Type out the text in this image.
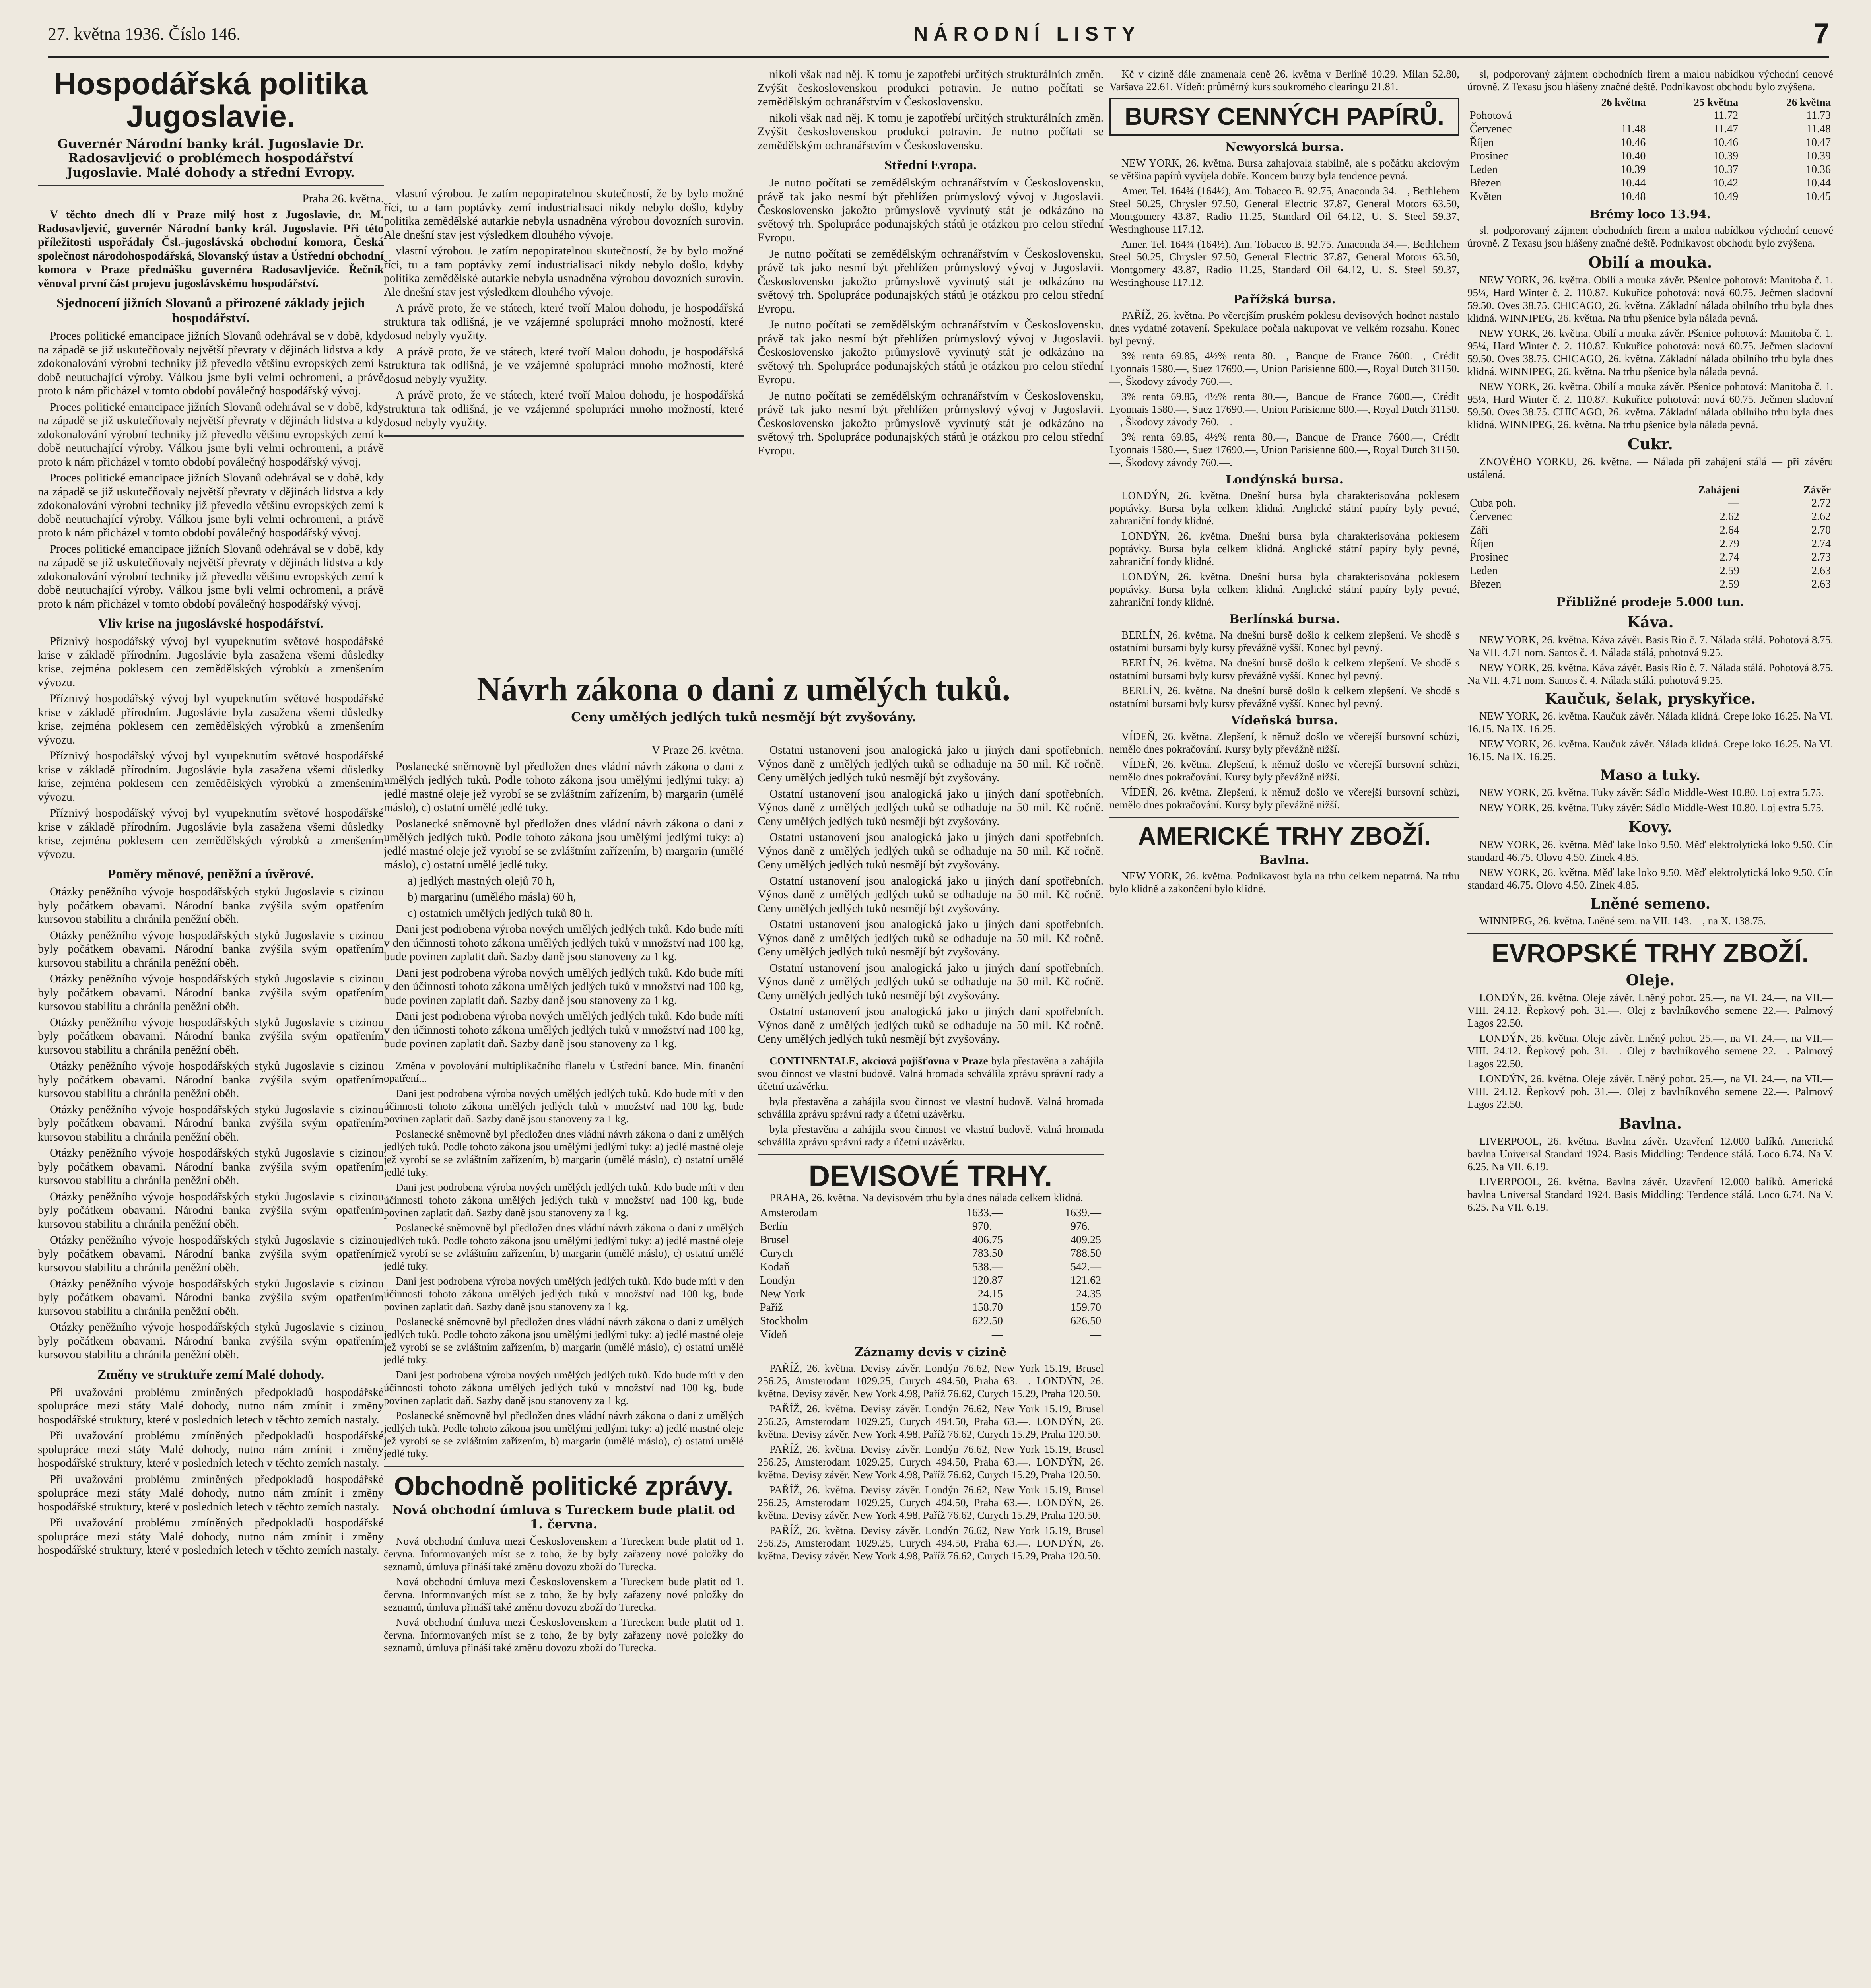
27. května 1936. Číslo 146.	NÁRODNÍ LISTY	7
Hospodářská politika Jugoslavie.
Guvernér Národní banky král. Jugoslavie Dr. Radosavljević o problémech hospodářství Jugoslavie. Malé dohody a střední Evropy.
Praha 26. května.

V těchto dnech dlí v Praze milý host z Jugoslavie, dr. M. Radosavljević, guvernér Národní banky král. Jugoslavie. Při této příležitosti uspořádaly Čsl.-jugoslávská obchodní komora, Česká společnost národohospodářská, Slovanský ústav a Ústřední obchodní komora v Praze přednášku guvernéra Radosavljeviće. Řečník věnoval první část projevu jugoslávskému hospodářství.

Sjednocení jižních Slovanů a přirozené základy jejich hospodářství.

Proces politické emancipace jižních Slovanů odehrával se v době, kdy na západě se již uskutečňovaly největší převraty v dějinách lidstva a kdy zdokonalování výrobní techniky již převedlo většinu evropských zemí k době neutuchající výroby. Válkou jsme byli velmi ochromeni, a právě proto k nám přicházel v tomto období poválečný hospodářský vývoj.

Proces politické emancipace jižních Slovanů odehrával se v době, kdy na západě se již uskutečňovaly největší převraty v dějinách lidstva a kdy zdokonalování výrobní techniky již převedlo většinu evropských zemí k době neutuchající výroby. Válkou jsme byli velmi ochromeni, a právě proto k nám přicházel v tomto období poválečný hospodářský vývoj.

Proces politické emancipace jižních Slovanů odehrával se v době, kdy na západě se již uskutečňovaly největší převraty v dějinách lidstva a kdy zdokonalování výrobní techniky již převedlo většinu evropských zemí k době neutuchající výroby. Válkou jsme byli velmi ochromeni, a právě proto k nám přicházel v tomto období poválečný hospodářský vývoj.

Proces politické emancipace jižních Slovanů odehrával se v době, kdy na západě se již uskutečňovaly největší převraty v dějinách lidstva a kdy zdokonalování výrobní techniky již převedlo většinu evropských zemí k době neutuchající výroby. Válkou jsme byli velmi ochromeni, a právě proto k nám přicházel v tomto období poválečný hospodářský vývoj.

Vliv krise na jugoslávské hospodářství.

Příznivý hospodářský vývoj byl vyupeknutím světové hospodářské krise v základě přírodním. Jugoslávie byla zasažena všemi důsledky krise, zejména poklesem cen zemědělských výrobků a zmenšením vývozu.

Příznivý hospodářský vývoj byl vyupeknutím světové hospodářské krise v základě přírodním. Jugoslávie byla zasažena všemi důsledky krise, zejména poklesem cen zemědělských výrobků a zmenšením vývozu.

Příznivý hospodářský vývoj byl vyupeknutím světové hospodářské krise v základě přírodním. Jugoslávie byla zasažena všemi důsledky krise, zejména poklesem cen zemědělských výrobků a zmenšením vývozu.

Příznivý hospodářský vývoj byl vyupeknutím světové hospodářské krise v základě přírodním. Jugoslávie byla zasažena všemi důsledky krise, zejména poklesem cen zemědělských výrobků a zmenšením vývozu.

Poměry měnové, peněžní a úvěrové.

Otázky peněžního vývoje hospodářských styků Jugoslavie s cizinou byly počátkem obavami. Národní banka zvýšila svým opatřením kursovou stabilitu a chránila peněžní oběh.

Otázky peněžního vývoje hospodářských styků Jugoslavie s cizinou byly počátkem obavami. Národní banka zvýšila svým opatřením kursovou stabilitu a chránila peněžní oběh.

Otázky peněžního vývoje hospodářských styků Jugoslavie s cizinou byly počátkem obavami. Národní banka zvýšila svým opatřením kursovou stabilitu a chránila peněžní oběh.

Otázky peněžního vývoje hospodářských styků Jugoslavie s cizinou byly počátkem obavami. Národní banka zvýšila svým opatřením kursovou stabilitu a chránila peněžní oběh.

Otázky peněžního vývoje hospodářských styků Jugoslavie s cizinou byly počátkem obavami. Národní banka zvýšila svým opatřením kursovou stabilitu a chránila peněžní oběh.

Otázky peněžního vývoje hospodářských styků Jugoslavie s cizinou byly počátkem obavami. Národní banka zvýšila svým opatřením kursovou stabilitu a chránila peněžní oběh.

Otázky peněžního vývoje hospodářských styků Jugoslavie s cizinou byly počátkem obavami. Národní banka zvýšila svým opatřením kursovou stabilitu a chránila peněžní oběh.

Otázky peněžního vývoje hospodářských styků Jugoslavie s cizinou byly počátkem obavami. Národní banka zvýšila svým opatřením kursovou stabilitu a chránila peněžní oběh.

Otázky peněžního vývoje hospodářských styků Jugoslavie s cizinou byly počátkem obavami. Národní banka zvýšila svým opatřením kursovou stabilitu a chránila peněžní oběh.

Otázky peněžního vývoje hospodářských styků Jugoslavie s cizinou byly počátkem obavami. Národní banka zvýšila svým opatřením kursovou stabilitu a chránila peněžní oběh.

Otázky peněžního vývoje hospodářských styků Jugoslavie s cizinou byly počátkem obavami. Národní banka zvýšila svým opatřením kursovou stabilitu a chránila peněžní oběh.

Změny ve struktuře zemí Malé dohody.

Při uvažování problému zmíněných předpokladů hospodářské spolupráce mezi státy Malé dohody, nutno nám zmínit i změny hospodářské struktury, které v posledních letech v těchto zemích nastaly.

Při uvažování problému zmíněných předpokladů hospodářské spolupráce mezi státy Malé dohody, nutno nám zmínit i změny hospodářské struktury, které v posledních letech v těchto zemích nastaly.

Při uvažování problému zmíněných předpokladů hospodářské spolupráce mezi státy Malé dohody, nutno nám zmínit i změny hospodářské struktury, které v posledních letech v těchto zemích nastaly.

Při uvažování problému zmíněných předpokladů hospodářské spolupráce mezi státy Malé dohody, nutno nám zmínit i změny hospodářské struktury, které v posledních letech v těchto zemích nastaly.

vlastní výrobou. Je zatím nepopiratelnou skutečností, že by bylo možné říci, tu a tam poptávky zemí industrialisaci nikdy nebylo došlo, kdyby politika zemědělské autarkie nebyla usnadněna výrobou dovozních surovin. Ale dnešní stav jest výsledkem dlouhého vývoje.

vlastní výrobou. Je zatím nepopiratelnou skutečností, že by bylo možné říci, tu a tam poptávky zemí industrialisaci nikdy nebylo došlo, kdyby politika zemědělské autarkie nebyla usnadněna výrobou dovozních surovin. Ale dnešní stav jest výsledkem dlouhého vývoje.

A právě proto, že ve státech, které tvoří Malou dohodu, je hospodářská struktura tak odlišná, je ve vzájemné spolupráci mnoho možností, které dosud nebyly využity.

A právě proto, že ve státech, které tvoří Malou dohodu, je hospodářská struktura tak odlišná, je ve vzájemné spolupráci mnoho možností, které dosud nebyly využity.

A právě proto, že ve státech, které tvoří Malou dohodu, je hospodářská struktura tak odlišná, je ve vzájemné spolupráci mnoho možností, které dosud nebyly využity.

Návrh zákona o dani z umělých tuků.
Ceny umělých jedlých tuků nesmějí být zvyšovány.
V Praze 26. května.

Poslanecké sněmovně byl předložen dnes vládní návrh zákona o dani z umělých jedlých tuků. Podle tohoto zákona jsou umělými jedlými tuky: a) jedlé mastné oleje jež vyrobí se se zvláštním zařízením, b) margarin (umělé máslo), c) ostatní umělé jedlé tuky.

Poslanecké sněmovně byl předložen dnes vládní návrh zákona o dani z umělých jedlých tuků. Podle tohoto zákona jsou umělými jedlými tuky: a) jedlé mastné oleje jež vyrobí se se zvláštním zařízením, b) margarin (umělé máslo), c) ostatní umělé jedlé tuky.

a) jedlých mastných olejů 70 h,
b) margarinu (umělého másla) 60 h,
c) ostatních umělých jedlých tuků 80 h.

Dani jest podrobena výroba nových umělých jedlých tuků. Kdo bude míti v den účinnosti tohoto zákona umělých jedlých tuků v množství nad 100 kg, bude povinen zaplatit daň. Sazby daně jsou stanoveny za 1 kg.

Dani jest podrobena výroba nových umělých jedlých tuků. Kdo bude míti v den účinnosti tohoto zákona umělých jedlých tuků v množství nad 100 kg, bude povinen zaplatit daň. Sazby daně jsou stanoveny za 1 kg.

Dani jest podrobena výroba nových umělých jedlých tuků. Kdo bude míti v den účinnosti tohoto zákona umělých jedlých tuků v množství nad 100 kg, bude povinen zaplatit daň. Sazby daně jsou stanoveny za 1 kg.

Změna v povolování multiplikačního flanelu v Ústřední bance. Min. finanční opatření...

Dani jest podrobena výroba nových umělých jedlých tuků. Kdo bude míti v den účinnosti tohoto zákona umělých jedlých tuků v množství nad 100 kg, bude povinen zaplatit daň. Sazby daně jsou stanoveny za 1 kg.

Poslanecké sněmovně byl předložen dnes vládní návrh zákona o dani z umělých jedlých tuků. Podle tohoto zákona jsou umělými jedlými tuky: a) jedlé mastné oleje jež vyrobí se se zvláštním zařízením, b) margarin (umělé máslo), c) ostatní umělé jedlé tuky.

Dani jest podrobena výroba nových umělých jedlých tuků. Kdo bude míti v den účinnosti tohoto zákona umělých jedlých tuků v množství nad 100 kg, bude povinen zaplatit daň. Sazby daně jsou stanoveny za 1 kg.

Poslanecké sněmovně byl předložen dnes vládní návrh zákona o dani z umělých jedlých tuků. Podle tohoto zákona jsou umělými jedlými tuky: a) jedlé mastné oleje jež vyrobí se se zvláštním zařízením, b) margarin (umělé máslo), c) ostatní umělé jedlé tuky.

Dani jest podrobena výroba nových umělých jedlých tuků. Kdo bude míti v den účinnosti tohoto zákona umělých jedlých tuků v množství nad 100 kg, bude povinen zaplatit daň. Sazby daně jsou stanoveny za 1 kg.

Poslanecké sněmovně byl předložen dnes vládní návrh zákona o dani z umělých jedlých tuků. Podle tohoto zákona jsou umělými jedlými tuky: a) jedlé mastné oleje jež vyrobí se se zvláštním zařízením, b) margarin (umělé máslo), c) ostatní umělé jedlé tuky.

Dani jest podrobena výroba nových umělých jedlých tuků. Kdo bude míti v den účinnosti tohoto zákona umělých jedlých tuků v množství nad 100 kg, bude povinen zaplatit daň. Sazby daně jsou stanoveny za 1 kg.

Poslanecké sněmovně byl předložen dnes vládní návrh zákona o dani z umělých jedlých tuků. Podle tohoto zákona jsou umělými jedlými tuky: a) jedlé mastné oleje jež vyrobí se se zvláštním zařízením, b) margarin (umělé máslo), c) ostatní umělé jedlé tuky.

Obchodně politické zprávy.
Nová obchodní úmluva s Tureckem bude platit od 1. června.

Nová obchodní úmluva mezi Československem a Tureckem bude platit od 1. června. Informovaných míst se z toho, že by byly zařazeny nové položky do seznamů, úmluva přináší také změnu dovozu zboží do Turecka.

Nová obchodní úmluva mezi Československem a Tureckem bude platit od 1. června. Informovaných míst se z toho, že by byly zařazeny nové položky do seznamů, úmluva přináší také změnu dovozu zboží do Turecka.

Nová obchodní úmluva mezi Československem a Tureckem bude platit od 1. června. Informovaných míst se z toho, že by byly zařazeny nové položky do seznamů, úmluva přináší také změnu dovozu zboží do Turecka.

nikoli však nad něj. K tomu je zapotřebí určitých strukturálních změn. Zvýšit československou produkci potravin. Je nutno počítati se zemědělským ochranářstvím v Československu.

nikoli však nad něj. K tomu je zapotřebí určitých strukturálních změn. Zvýšit československou produkci potravin. Je nutno počítati se zemědělským ochranářstvím v Československu.

Střední Evropa.

Je nutno počítati se zemědělským ochranářstvím v Československu, právě tak jako nesmí být přehlížen průmyslový vývoj v Jugoslavii. Československo jakožto průmyslově vyvinutý stát je odkázáno na světový trh. Spolupráce podunajských států je otázkou pro celou střední Evropu.

Je nutno počítati se zemědělským ochranářstvím v Československu, právě tak jako nesmí být přehlížen průmyslový vývoj v Jugoslavii. Československo jakožto průmyslově vyvinutý stát je odkázáno na světový trh. Spolupráce podunajských států je otázkou pro celou střední Evropu.

Je nutno počítati se zemědělským ochranářstvím v Československu, právě tak jako nesmí být přehlížen průmyslový vývoj v Jugoslavii. Československo jakožto průmyslově vyvinutý stát je odkázáno na světový trh. Spolupráce podunajských států je otázkou pro celou střední Evropu.

Je nutno počítati se zemědělským ochranářstvím v Československu, právě tak jako nesmí být přehlížen průmyslový vývoj v Jugoslavii. Československo jakožto průmyslově vyvinutý stát je odkázáno na světový trh. Spolupráce podunajských států je otázkou pro celou střední Evropu.

Ostatní ustanovení jsou analogická jako u jiných daní spotřebních. Výnos daně z umělých jedlých tuků se odhaduje na 50 mil. Kč ročně. Ceny umělých jedlých tuků nesmějí být zvyšovány.

Ostatní ustanovení jsou analogická jako u jiných daní spotřebních. Výnos daně z umělých jedlých tuků se odhaduje na 50 mil. Kč ročně. Ceny umělých jedlých tuků nesmějí být zvyšovány.

Ostatní ustanovení jsou analogická jako u jiných daní spotřebních. Výnos daně z umělých jedlých tuků se odhaduje na 50 mil. Kč ročně. Ceny umělých jedlých tuků nesmějí být zvyšovány.

Ostatní ustanovení jsou analogická jako u jiných daní spotřebních. Výnos daně z umělých jedlých tuků se odhaduje na 50 mil. Kč ročně. Ceny umělých jedlých tuků nesmějí být zvyšovány.

Ostatní ustanovení jsou analogická jako u jiných daní spotřebních. Výnos daně z umělých jedlých tuků se odhaduje na 50 mil. Kč ročně. Ceny umělých jedlých tuků nesmějí být zvyšovány.

Ostatní ustanovení jsou analogická jako u jiných daní spotřebních. Výnos daně z umělých jedlých tuků se odhaduje na 50 mil. Kč ročně. Ceny umělých jedlých tuků nesmějí být zvyšovány.

Ostatní ustanovení jsou analogická jako u jiných daní spotřebních. Výnos daně z umělých jedlých tuků se odhaduje na 50 mil. Kč ročně. Ceny umělých jedlých tuků nesmějí být zvyšovány.

CONTINENTALE, akciová pojišťovna v Praze byla přestavěna a zahájila svou činnost ve vlastní budově. Valná hromada schválila zprávu správní rady a účetní uzávěrku.

byla přestavěna a zahájila svou činnost ve vlastní budově. Valná hromada schválila zprávu správní rady a účetní uzávěrku.

byla přestavěna a zahájila svou činnost ve vlastní budově. Valná hromada schválila zprávu správní rady a účetní uzávěrku.

DEVISOVÉ TRHY.

PRAHA, 26. května. Na devisovém trhu byla dnes nálada celkem klidná.

Amsterodam	1633.—	1639.—
Berlín	970.—	976.—
Brusel	406.75	409.25
Curych	783.50	788.50
Kodaň	538.—	542.—
Londýn	120.87	121.62
New York	24.15	24.35
Paříž	158.70	159.70
Stockholm	622.50	626.50
Vídeň	—	—
Záznamy devis v cizině

PAŘÍŽ, 26. května. Devisy závěr. Londýn 76.62, New York 15.19, Brusel 256.25, Amsterodam 1029.25, Curych 494.50, Praha 63.—. LONDÝN, 26. května. Devisy závěr. New York 4.98, Paříž 76.62, Curych 15.29, Praha 120.50.

PAŘÍŽ, 26. května. Devisy závěr. Londýn 76.62, New York 15.19, Brusel 256.25, Amsterodam 1029.25, Curych 494.50, Praha 63.—. LONDÝN, 26. května. Devisy závěr. New York 4.98, Paříž 76.62, Curych 15.29, Praha 120.50.

PAŘÍŽ, 26. května. Devisy závěr. Londýn 76.62, New York 15.19, Brusel 256.25, Amsterodam 1029.25, Curych 494.50, Praha 63.—. LONDÝN, 26. května. Devisy závěr. New York 4.98, Paříž 76.62, Curych 15.29, Praha 120.50.

PAŘÍŽ, 26. května. Devisy závěr. Londýn 76.62, New York 15.19, Brusel 256.25, Amsterodam 1029.25, Curych 494.50, Praha 63.—. LONDÝN, 26. května. Devisy závěr. New York 4.98, Paříž 76.62, Curych 15.29, Praha 120.50.

PAŘÍŽ, 26. května. Devisy závěr. Londýn 76.62, New York 15.19, Brusel 256.25, Amsterodam 1029.25, Curych 494.50, Praha 63.—. LONDÝN, 26. května. Devisy závěr. New York 4.98, Paříž 76.62, Curych 15.29, Praha 120.50.

Kč v cizině dále znamenala ceně 26. května v Berlíně 10.29. Milan 52.80, Varšava 22.61. Vídeň: průměrný kurs soukromého clearingu 21.81.

BURSY CENNÝCH PAPÍRŮ.
Newyorská bursa.

NEW YORK, 26. května. Bursa zahajovala stabilně, ale s počátku akciovým se většina papírů vyvíjela dobře. Koncem burzy byla tendence pevná.

Amer. Tel. 164¾ (164½), Am. Tobacco B. 92.75, Anaconda 34.—, Bethlehem Steel 50.25, Chrysler 97.50, General Electric 37.87, General Motors 63.50, Montgomery 43.87, Radio 11.25, Standard Oil 64.12, U. S. Steel 59.37, Westinghouse 117.12.

Amer. Tel. 164¾ (164½), Am. Tobacco B. 92.75, Anaconda 34.—, Bethlehem Steel 50.25, Chrysler 97.50, General Electric 37.87, General Motors 63.50, Montgomery 43.87, Radio 11.25, Standard Oil 64.12, U. S. Steel 59.37, Westinghouse 117.12.

Pařížská bursa.

PAŘÍŽ, 26. května. Po včerejším pruském poklesu devisových hodnot nastalo dnes vydatné zotavení. Spekulace počala nakupovat ve velkém rozsahu. Konec byl pevný.

3% renta 69.85, 4½% renta 80.—, Banque de France 7600.—, Crédit Lyonnais 1580.—, Suez 17690.—, Union Parisienne 600.—, Royal Dutch 31150.—, Škodovy závody 760.—.

3% renta 69.85, 4½% renta 80.—, Banque de France 7600.—, Crédit Lyonnais 1580.—, Suez 17690.—, Union Parisienne 600.—, Royal Dutch 31150.—, Škodovy závody 760.—.

3% renta 69.85, 4½% renta 80.—, Banque de France 7600.—, Crédit Lyonnais 1580.—, Suez 17690.—, Union Parisienne 600.—, Royal Dutch 31150.—, Škodovy závody 760.—.

Londýnská bursa.

LONDÝN, 26. května. Dnešní bursa byla charakterisována poklesem poptávky. Bursa byla celkem klidná. Anglické státní papíry byly pevné, zahraniční fondy klidné.

LONDÝN, 26. května. Dnešní bursa byla charakterisována poklesem poptávky. Bursa byla celkem klidná. Anglické státní papíry byly pevné, zahraniční fondy klidné.

LONDÝN, 26. května. Dnešní bursa byla charakterisována poklesem poptávky. Bursa byla celkem klidná. Anglické státní papíry byly pevné, zahraniční fondy klidné.

Berlínská bursa.

BERLÍN, 26. května. Na dnešní bursě došlo k celkem zlepšení. Ve shodě s ostatními bursami byly kursy převážně vyšší. Konec byl pevný.

BERLÍN, 26. května. Na dnešní bursě došlo k celkem zlepšení. Ve shodě s ostatními bursami byly kursy převážně vyšší. Konec byl pevný.

BERLÍN, 26. května. Na dnešní bursě došlo k celkem zlepšení. Ve shodě s ostatními bursami byly kursy převážně vyšší. Konec byl pevný.

Vídeňská bursa.

VÍDEŇ, 26. května. Zlepšení, k němuž došlo ve včerejší bursovní schůzi, nemělo dnes pokračování. Kursy byly převážně nižší.

VÍDEŇ, 26. května. Zlepšení, k němuž došlo ve včerejší bursovní schůzi, nemělo dnes pokračování. Kursy byly převážně nižší.

VÍDEŇ, 26. května. Zlepšení, k němuž došlo ve včerejší bursovní schůzi, nemělo dnes pokračování. Kursy byly převážně nižší.

AMERICKÉ TRHY ZBOŽÍ.
Bavlna.

NEW YORK, 26. května. Podnikavost byla na trhu celkem nepatrná. Na trhu bylo klidně a zakončení bylo klidné.

sl, podporovaný zájmem obchodních firem a malou nabídkou východní cenové úrovně. Z Texasu jsou hlášeny značné deště. Podnikavost obchodu bylo zvýšena.

	26 května	25 května	26 května
Pohotová	—	11.72	11.73
Červenec	11.48	11.47	11.48
Říjen	10.46	10.46	10.47
Prosinec	10.40	10.39	10.39
Leden	10.39	10.37	10.36
Březen	10.44	10.42	10.44
Květen	10.48	10.49	10.45
Brémy loco 13.94.

sl, podporovaný zájmem obchodních firem a malou nabídkou východní cenové úrovně. Z Texasu jsou hlášeny značné deště. Podnikavost obchodu bylo zvýšena.

Obilí a mouka.

NEW YORK, 26. května. Obilí a mouka závěr. Pšenice pohotová: Manitoba č. 1. 95¼, Hard Winter č. 2. 110.87. Kukuřice pohotová: nová 60.75. Ječmen sladovní 59.50. Oves 38.75. CHICAGO, 26. května. Základní nálada obilního trhu byla dnes klidná. WINNIPEG, 26. května. Na trhu pšenice byla nálada pevná.

NEW YORK, 26. května. Obilí a mouka závěr. Pšenice pohotová: Manitoba č. 1. 95¼, Hard Winter č. 2. 110.87. Kukuřice pohotová: nová 60.75. Ječmen sladovní 59.50. Oves 38.75. CHICAGO, 26. května. Základní nálada obilního trhu byla dnes klidná. WINNIPEG, 26. května. Na trhu pšenice byla nálada pevná.

NEW YORK, 26. května. Obilí a mouka závěr. Pšenice pohotová: Manitoba č. 1. 95¼, Hard Winter č. 2. 110.87. Kukuřice pohotová: nová 60.75. Ječmen sladovní 59.50. Oves 38.75. CHICAGO, 26. května. Základní nálada obilního trhu byla dnes klidná. WINNIPEG, 26. května. Na trhu pšenice byla nálada pevná.

Cukr.

ZNOVÉHO YORKU, 26. května. — Nálada při zahájení stálá — při závěru ustálená.

	Zahájení	Závěr
Cuba poh.	—	2.72
Červenec	2.62	2.62
Září	2.64	2.70
Říjen	2.79	2.74
Prosinec	2.74	2.73
Leden	2.59	2.63
Březen	2.59	2.63
Přibližné prodeje 5.000 tun.
Káva.

NEW YORK, 26. května. Káva závěr. Basis Rio č. 7. Nálada stálá. Pohotová 8.75. Na VII. 4.71 nom. Santos č. 4. Nálada stálá, pohotová 9.25.

NEW YORK, 26. května. Káva závěr. Basis Rio č. 7. Nálada stálá. Pohotová 8.75. Na VII. 4.71 nom. Santos č. 4. Nálada stálá, pohotová 9.25.

Kaučuk, šelak, pryskyřice.

NEW YORK, 26. května. Kaučuk závěr. Nálada klidná. Crepe loko 16.25. Na VI. 16.15. Na IX. 16.25.

NEW YORK, 26. května. Kaučuk závěr. Nálada klidná. Crepe loko 16.25. Na VI. 16.15. Na IX. 16.25.

Maso a tuky.

NEW YORK, 26. května. Tuky závěr: Sádlo Middle-West 10.80. Loj extra 5.75.

NEW YORK, 26. května. Tuky závěr: Sádlo Middle-West 10.80. Loj extra 5.75.

Kovy.

NEW YORK, 26. května. Měď lake loko 9.50. Měď elektrolytická loko 9.50. Cín standard 46.75. Olovo 4.50. Zinek 4.85.

NEW YORK, 26. května. Měď lake loko 9.50. Měď elektrolytická loko 9.50. Cín standard 46.75. Olovo 4.50. Zinek 4.85.

Lněné semeno.

WINNIPEG, 26. května. Lněné sem. na VII. 143.—, na X. 138.75.

EVROPSKÉ TRHY ZBOŽÍ.
Oleje.

LONDÝN, 26. května. Oleje závěr. Lněný pohot. 25.—, na VI. 24.—, na VII.—VIII. 24.12. Řepkový poh. 31.—. Olej z bavlníkového semene 22.—. Palmový Lagos 22.50.

LONDÝN, 26. května. Oleje závěr. Lněný pohot. 25.—, na VI. 24.—, na VII.—VIII. 24.12. Řepkový poh. 31.—. Olej z bavlníkového semene 22.—. Palmový Lagos 22.50.

LONDÝN, 26. května. Oleje závěr. Lněný pohot. 25.—, na VI. 24.—, na VII.—VIII. 24.12. Řepkový poh. 31.—. Olej z bavlníkového semene 22.—. Palmový Lagos 22.50.

Bavlna.

LIVERPOOL, 26. května. Bavlna závěr. Uzavření 12.000 balíků. Americká bavlna Universal Standard 1924. Basis Middling: Tendence stálá. Loco 6.74. Na V. 6.25. Na VII. 6.19.

LIVERPOOL, 26. května. Bavlna závěr. Uzavření 12.000 balíků. Americká bavlna Universal Standard 1924. Basis Middling: Tendence stálá. Loco 6.74. Na V. 6.25. Na VII. 6.19.
